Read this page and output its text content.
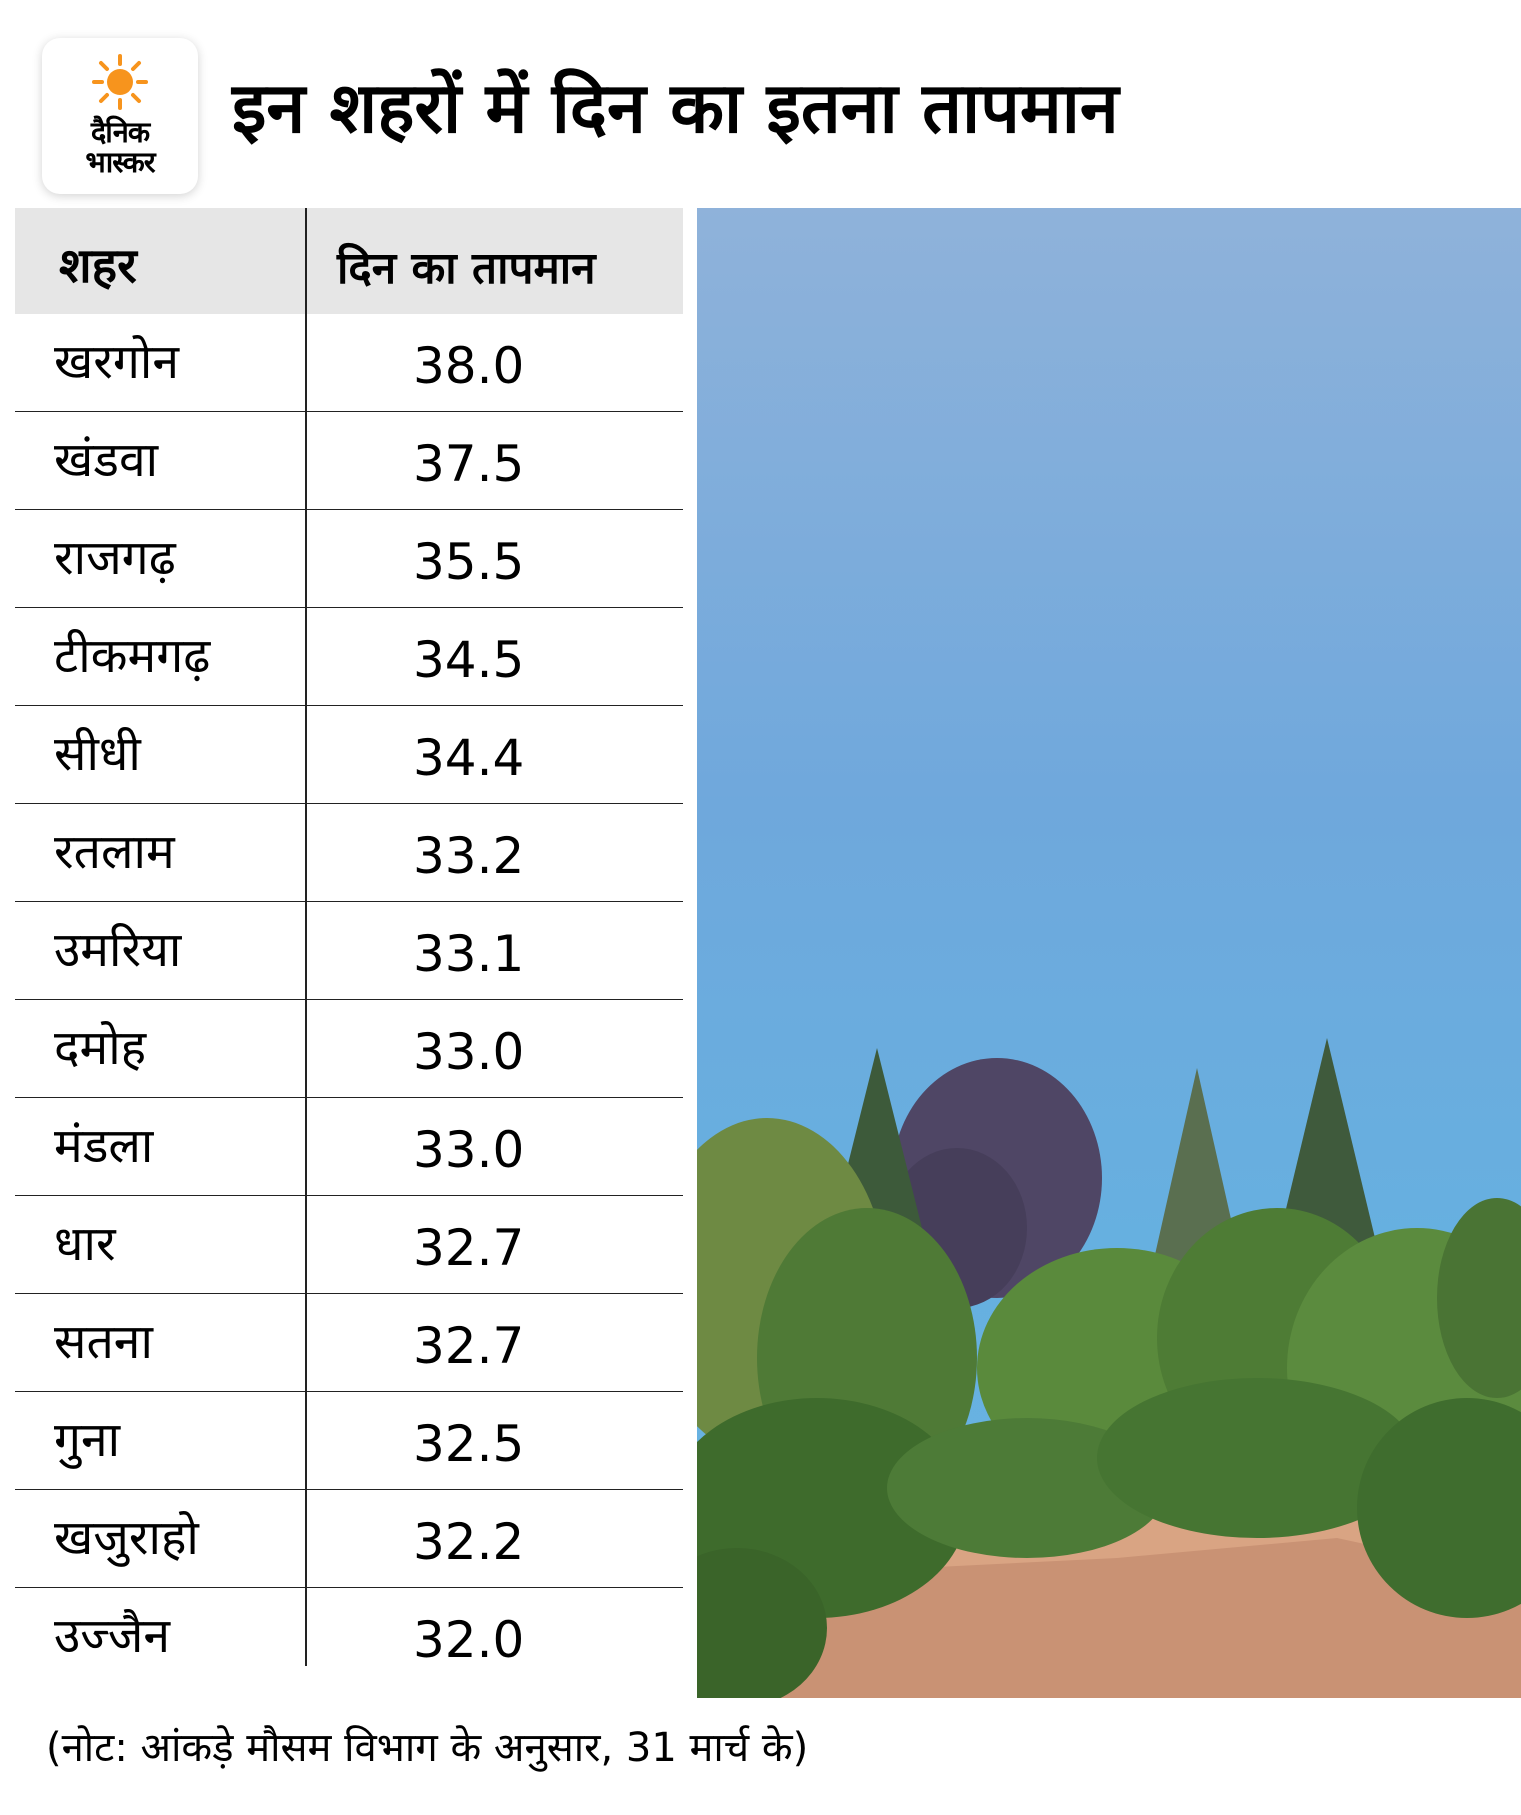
दैनिक
भास्कर
इन शहरों में दिन का इतना तापमान
शहर	दिन का तापमान
खरगोन	38.0
खंडवा	37.5
राजगढ़	35.5
टीकमगढ़	34.5
सीधी	34.4
रतलाम	33.2
उमरिया	33.1
दमोह	33.0
मंडला	33.0
धार	32.7
सतना	32.7
गुना	32.5
खजुराहो	32.2
उज्जैन	32.0
(नोट: आंकड़े मौसम विभाग के अनुसार, 31 मार्च के)
